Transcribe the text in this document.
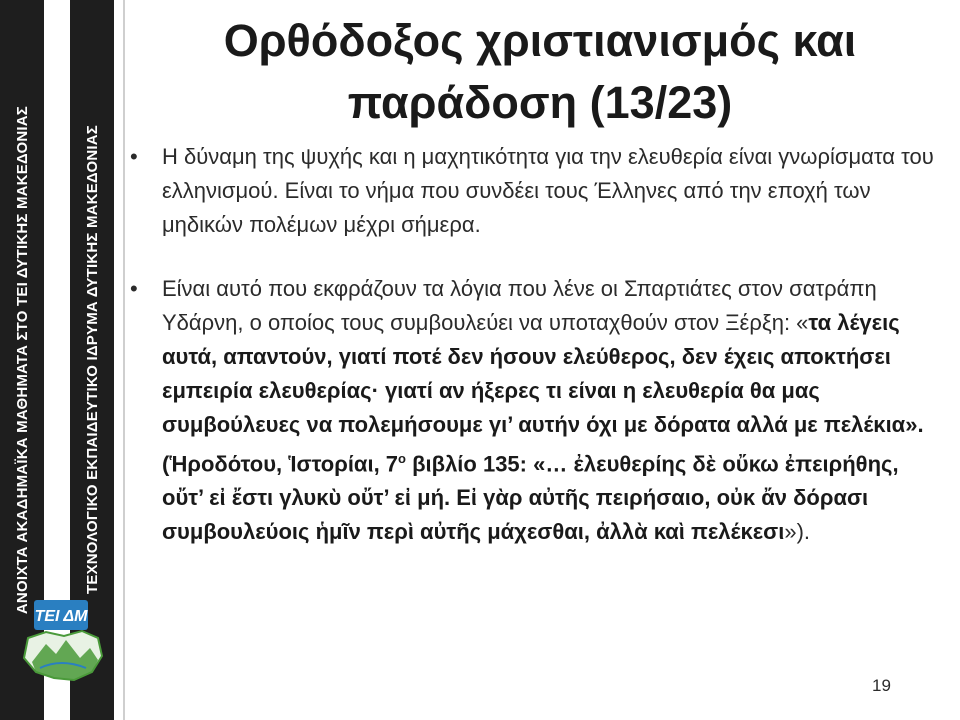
ΑΝΟΙΧΤΑ ΑΚΑΔΗΜΑΪΚΑ ΜΑΘΗΜΑΤΑ ΣΤΟ ΤΕΙ ΔΥΤΙΚΗΣ ΜΑΚΕΔΟΝΙΑΣ	ΤΕΧΝΟΛΟΓΙΚΟ ΕΚΠΑΙΔΕΥΤΙΚΟ ΙΔΡΥΜΑ ΔΥΤΙΚΗΣ ΜΑΚΕΔΟΝΙΑΣ
ΤΕΙ ΔΜ
Ορθόδοξος χριστιανισμός και
παράδοση (13/23)

• Η δύναμη της ψυχής και η μαχητικότητα για την ελευθερία είναι γνωρίσματα του ελληνισμού. Είναι το νήμα που συνδέει τους Έλληνες από την εποχή των μηδικών πολέμων μέχρι σήμερα.

• Είναι αυτό που εκφράζουν τα λόγια που λένε οι Σπαρτιάτες στον σατράπη Υδάρνη, ο οποίος τους συμβουλεύει να υποταχθούν στον Ξέρξη: «τα λέγεις αυτά, απαντούν, γιατί ποτέ δεν ήσουν ελεύθερος, δεν έχεις αποκτήσει εμπειρία ελευθερίας· γιατί αν ήξερες τι είναι η ελευθερία θα μας συμβούλευες να πολεμήσουμε γι’ αυτήν όχι με δόρατα αλλά με πελέκια». (Ἡροδότου, Ἱστορίαι, $7^o$ βιβλίο 135: «… ἐλευθερίης δὲ οὔκω ἐπειρήθης, οὔτ’ εἰ ἔστι γλυκὺ οὔτ’ εἰ μή. Εἰ γὰρ αὐτῆς πειρήσαιο, οὐκ ἄν δόρασι συμβουλεύοις ἡμῖν περὶ αὐτῆς μάχεσθαι, ἀλλὰ καὶ πελέκεσι»).

19
